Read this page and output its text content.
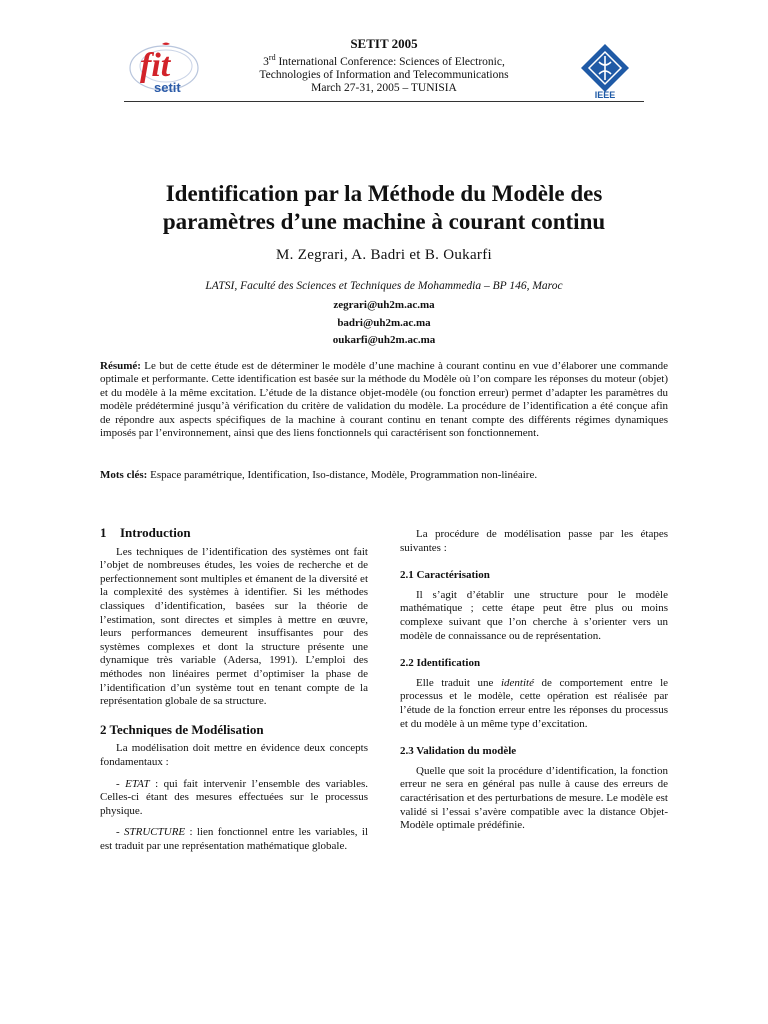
fit
setit
SETIT 2005
3rd International Conference: Sciences of Electronic,
Technologies of Information and Telecommunications
March 27-31, 2005 – TUNISIA
IEEE
Identification par la Méthode du Modèle des
paramètres d’une machine à courant continu
M. Zegrari, A. Badri et B. Oukarfi
LATSI, Faculté des Sciences et Techniques de Mohammedia – BP 146, Maroc
zegrari@uh2m.ac.ma
badri@uh2m.ac.ma
oukarfi@uh2m.ac.ma
Résumé: Le but de cette étude est de déterminer le modèle d’une machine à courant continu en vue d’élaborer une commande optimale et performante. Cette identification est basée sur la méthode du Modèle où l’on compare les réponses du moteur (objet) et du modèle à la même excitation. L’étude de la distance objet-modèle (ou fonction erreur) permet d’adapter les paramètres du modèle prédéterminé jusqu’à vérification du critère de validation du modèle. La procédure de l’identification a été conçue afin de répondre aux aspects spécifiques de la machine à courant continu en tenant compte des différents régimes dynamiques imposés par l’environnement, ainsi que des liens fonctionnels qui caractérisent son fonctionnement.
Mots clés: Espace paramétrique, Identification, Iso-distance, Modèle, Programmation non-linéaire.
1 Introduction

Les techniques de l’identification des systèmes ont fait l’objet de nombreuses études, les voies de recherche et de perfectionnement sont multiples et émanent de la diversité et la complexité des systèmes à identifier. Si les méthodes classiques d’identification, basées sur la théorie de l’estimation, sont directes et simples à mettre en œuvre, leurs performances demeurent insuffisantes pour des systèmes complexes et dont la structure présente une dynamique très variable (Adersa, 1991). L’emploi des méthodes non linéaires permet d’optimiser la phase de l’identification d’un système tout en tenant compte de la représentation globale de sa structure.

2 Techniques de Modélisation

La modélisation doit mettre en évidence deux concepts fondamentaux :

- ETAT : qui fait intervenir l’ensemble des variables. Celles-ci étant des mesures effectuées sur le processus physique.

- STRUCTURE : lien fonctionnel entre les variables, il est traduit par une représentation mathématique globale.

La procédure de modélisation passe par les étapes suivantes :

2.1 Caractérisation

Il s’agit d’établir une structure pour le modèle mathématique ; cette étape peut être plus ou moins complexe suivant que l’on cherche à s’orienter vers un modèle de connaissance ou de représentation.

2.2 Identification

Elle traduit une identité de comportement entre le processus et le modèle, cette opération est réalisée par l’étude de la fonction erreur entre les réponses du processus et du modèle à un même type d’excitation.

2.3 Validation du modèle

Quelle que soit la procédure d’identification, la fonction erreur ne sera en général pas nulle à cause des erreurs de caractérisation et des perturbations de mesure. Le modèle est validé si l’essai s’avère compatible avec la distance Objet-Modèle optimale prédéfinie.
